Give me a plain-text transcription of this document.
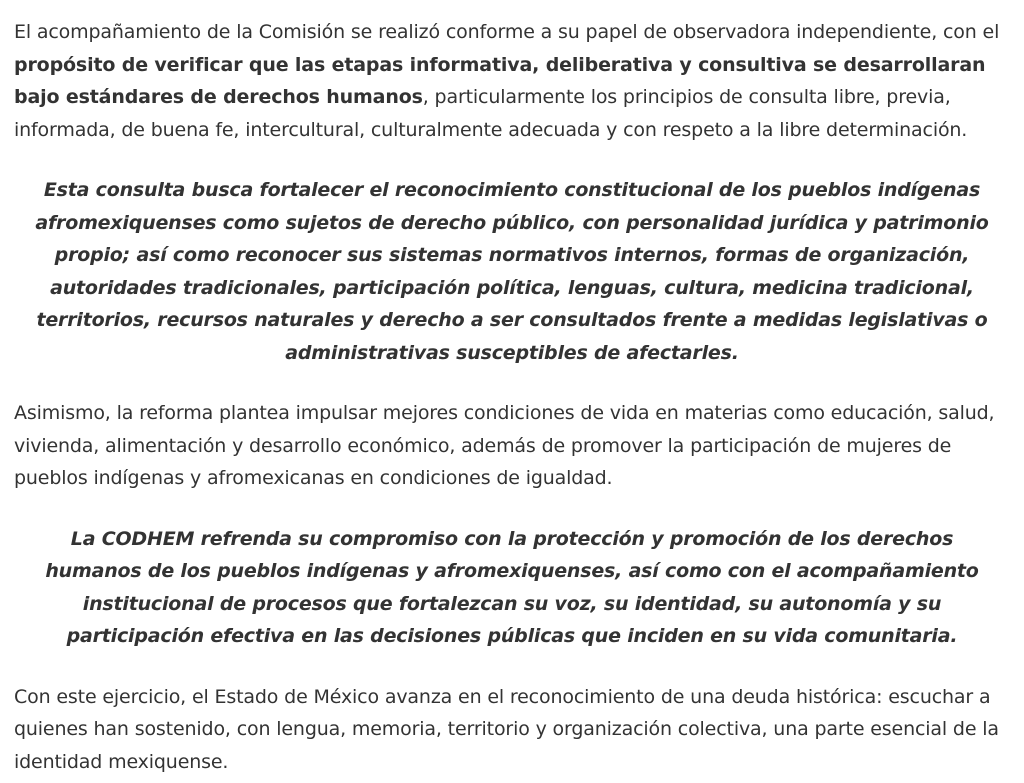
El acompañamiento de la Comisión se realizó conforme a su papel de observadora independiente, con el propósito de verificar que las etapas informativa, deliberativa y consultiva se desarrollaran bajo estándares de derechos humanos, particularmente los principios de consulta libre, previa, informada, de buena fe, intercultural, culturalmente adecuada y con respeto a la libre determinación.

Esta consulta busca fortalecer el reconocimiento constitucional de los pueblos indígenas afromexiquenses como sujetos de derecho público, con personalidad jurídica y patrimonio propio; así como reconocer sus sistemas normativos internos, formas de organización, autoridades tradicionales, participación política, lenguas, cultura, medicina tradicional, territorios, recursos naturales y derecho a ser consultados frente a medidas legislativas o administrativas susceptibles de afectarles.

Asimismo, la reforma plantea impulsar mejores condiciones de vida en materias como educación, salud, vivienda, alimentación y desarrollo económico, además de promover la participación de mujeres de pueblos indígenas y afromexicanas en condiciones de igualdad.

La CODHEM refrenda su compromiso con la protección y promoción de los derechos humanos de los pueblos indígenas y afromexiquenses, así como con el acompañamiento institucional de procesos que fortalezcan su voz, su identidad, su autonomía y su participación efectiva en las decisiones públicas que inciden en su vida comunitaria.

Con este ejercicio, el Estado de México avanza en el reconocimiento de una deuda histórica: escuchar a quienes han sostenido, con lengua, memoria, territorio y organización colectiva, una parte esencial de la identidad mexiquense.
